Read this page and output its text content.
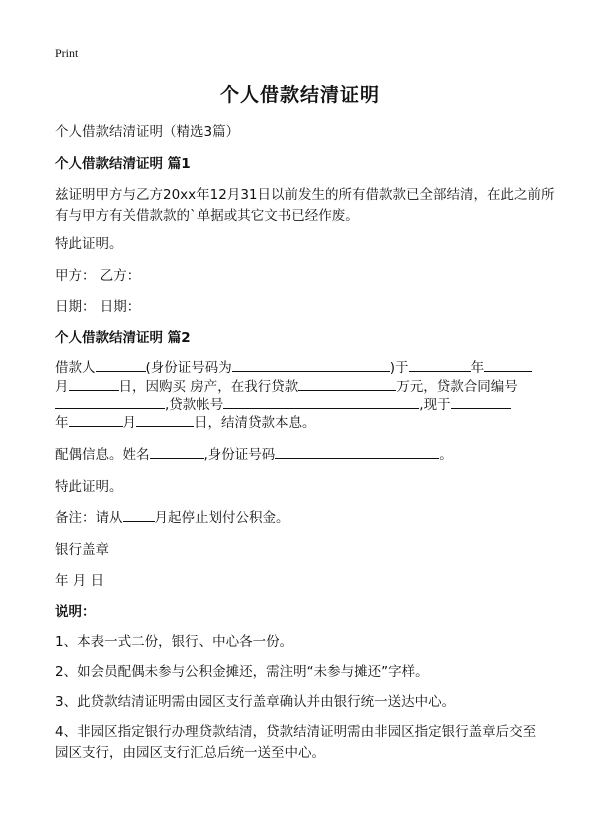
Print
个人借款结清证明
个人借款结清证明（精选3篇）
个人借款结清证明 篇1
兹证明甲方与乙方20xx年12月31日以前发生的所有借款款已全部结清，在此之前所
有与甲方有关借款款的`单据或其它文书已经作废。
特此证明。
甲方： 乙方：
日期： 日期：
个人借款结清证明 篇2
借款人	(身份证号码为	)于	年
月	日，因购买 房产，在我行贷款	万元，贷款合同编号
,贷款帐号	,现于
年	月	日，结清贷款本息。
配偶信息。姓名	,身份证号码	。
特此证明。
备注：请从 月起停止划付公积金。
银行盖章
年 月 日
说明：
1、本表一式二份，银行、中心各一份。
2、如会员配偶未参与公积金摊还，需注明“未参与摊还”字样。
3、此贷款结清证明需由园区支行盖章确认并由银行统一送达中心。
4、非园区指定银行办理贷款结清，贷款结清证明需由非园区指定银行盖章后交至
园区支行，由园区支行汇总后统一送至中心。
